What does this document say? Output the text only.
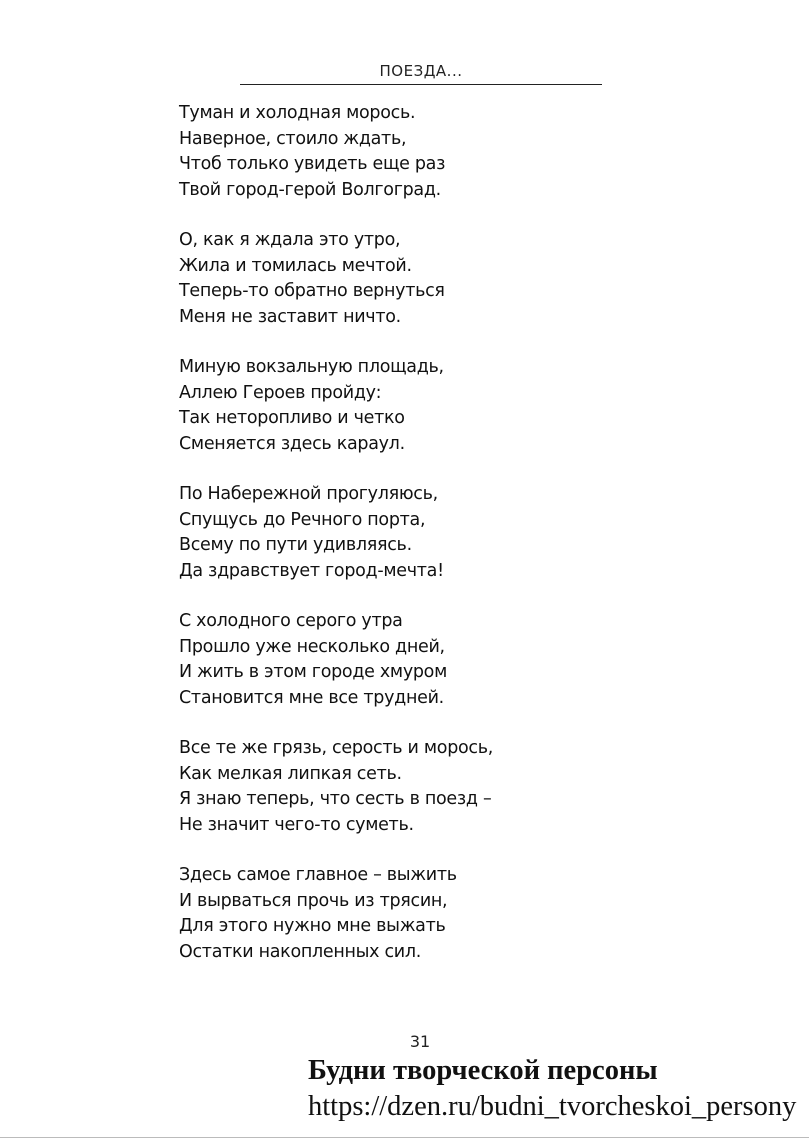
ПОЕЗДА...
Туман и холодная морось.
Наверное, стоило ждать,
Чтоб только увидеть еще раз
Твой город-герой Волгоград.
О, как я ждала это утро,
Жила и томилась мечтой.
Теперь-то обратно вернуться
Меня не заставит ничто.
Миную вокзальную площадь,
Аллею Героев пройду:
Так неторопливо и четко
Сменяется здесь караул.
По Набережной прогуляюсь,
Спущусь до Речного порта,
Всему по пути удивляясь.
Да здравствует город-мечта!
С холодного серого утра
Прошло уже несколько дней,
И жить в этом городе хмуром
Становится мне все трудней.
Все те же грязь, серость и морось,
Как мелкая липкая сеть.
Я знаю теперь, что сесть в поезд –
Не значит чего-то суметь.
Здесь самое главное – выжить
И вырваться прочь из трясин,
Для этого нужно мне выжать
Остатки накопленных сил.
31
Будни творческой персоны
https://dzen.ru/budni_tvorcheskoi_persony
